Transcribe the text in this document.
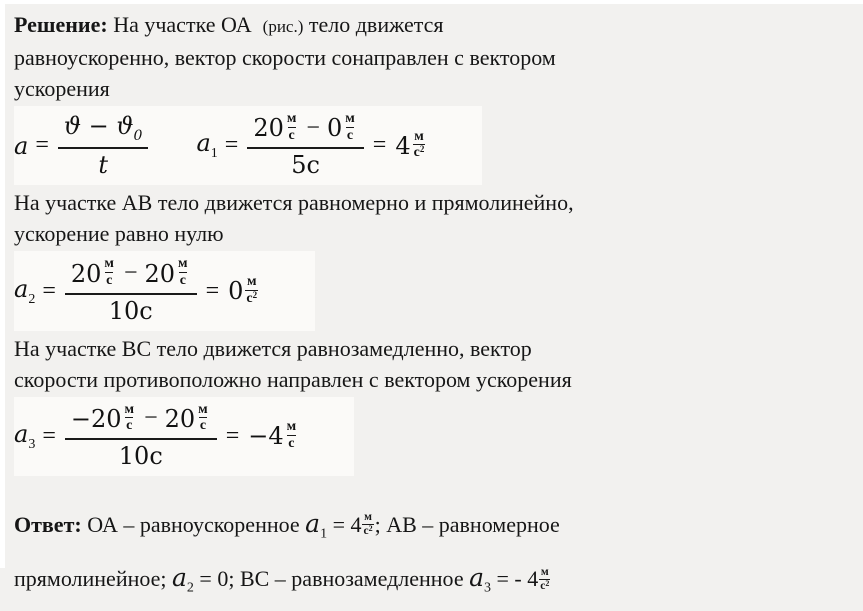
Решение: На участке ОА (рис.) тело движется

равноускоренно, вектор скорости сонаправлен с вектором

ускорения

$a = \frac{ϑ - ϑ_0}{t} a_1$ =
20 м
с − 0 м
с
5с
= 4 м
$с^2$

На участке АВ тело движется равномерно и прямолинейно,

ускорение равно нулю

$a_2$ =
20 м
с − 20 м
с
10с
= 0 м
$с^2$

На участке ВС тело движется равнозамедленно, вектор

скорости противоположно направлен с вектором ускорения

$a_3$ =
−20 м
с − 20 м
с
10с
= −4 м
с

Ответ: ОА – равноускоренное $a_1 = 4 \frac{м}{с^2}$ ; АВ – равномерное

прямолинейное; $a_2 = 0$; ВС – равнозамедленное $a_3$ = - $4 \frac{м}{с^2}$
